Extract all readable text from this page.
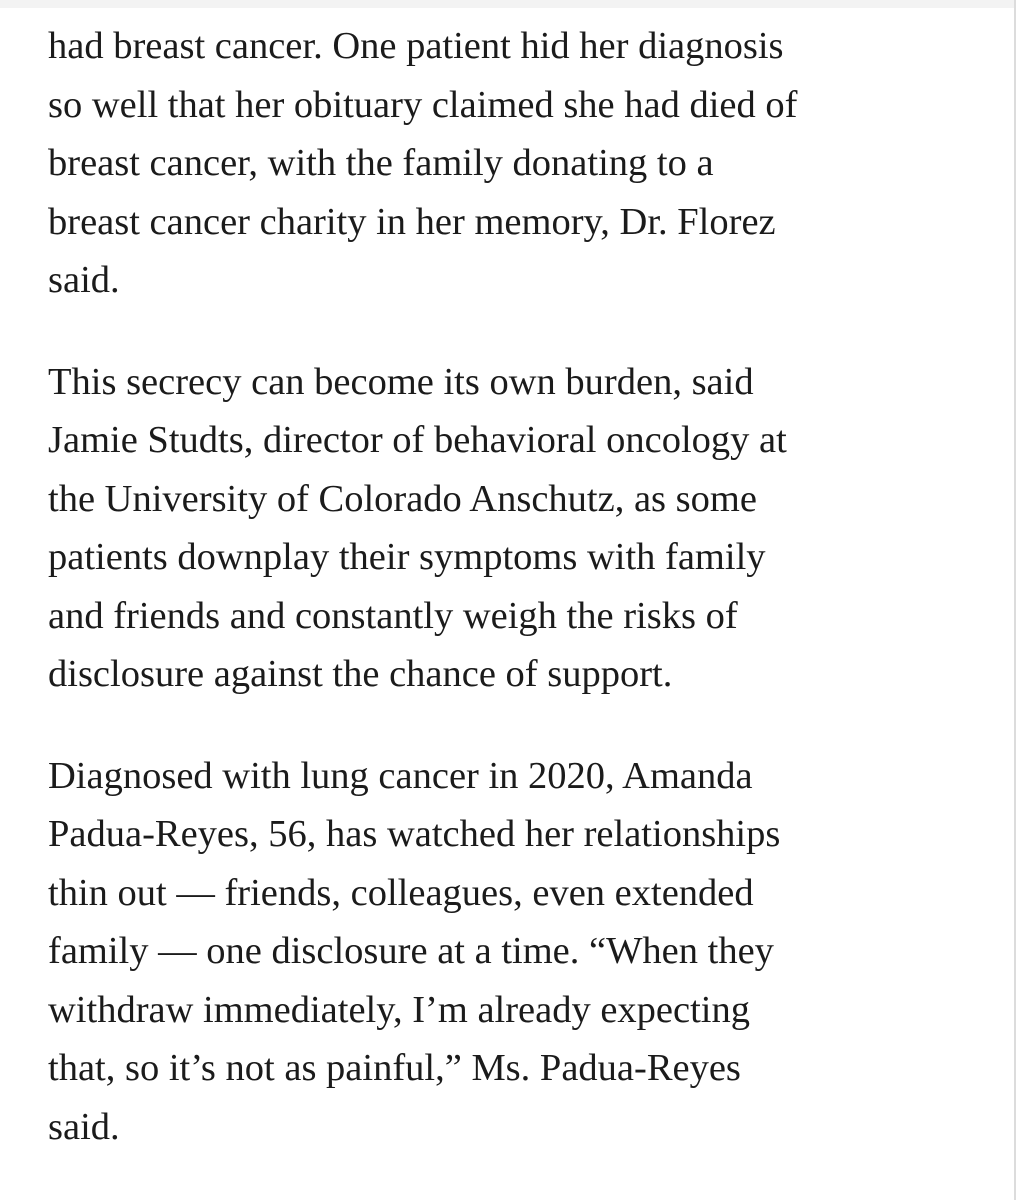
had breast cancer. One patient hid her diagnosis
so well that her obituary claimed she had died of
breast cancer, with the family donating to a
breast cancer charity in her memory, Dr. Florez
said.

This secrecy can become its own burden, said
Jamie Studts, director of behavioral oncology at
the University of Colorado Anschutz, as some
patients downplay their symptoms with family
and friends and constantly weigh the risks of
disclosure against the chance of support.

Diagnosed with lung cancer in 2020, Amanda
Padua-Reyes, 56, has watched her relationships
thin out — friends, colleagues, even extended
family — one disclosure at a time. “When they
withdraw immediately, I’m already expecting
that, so it’s not as painful,” Ms. Padua-Reyes
said.
